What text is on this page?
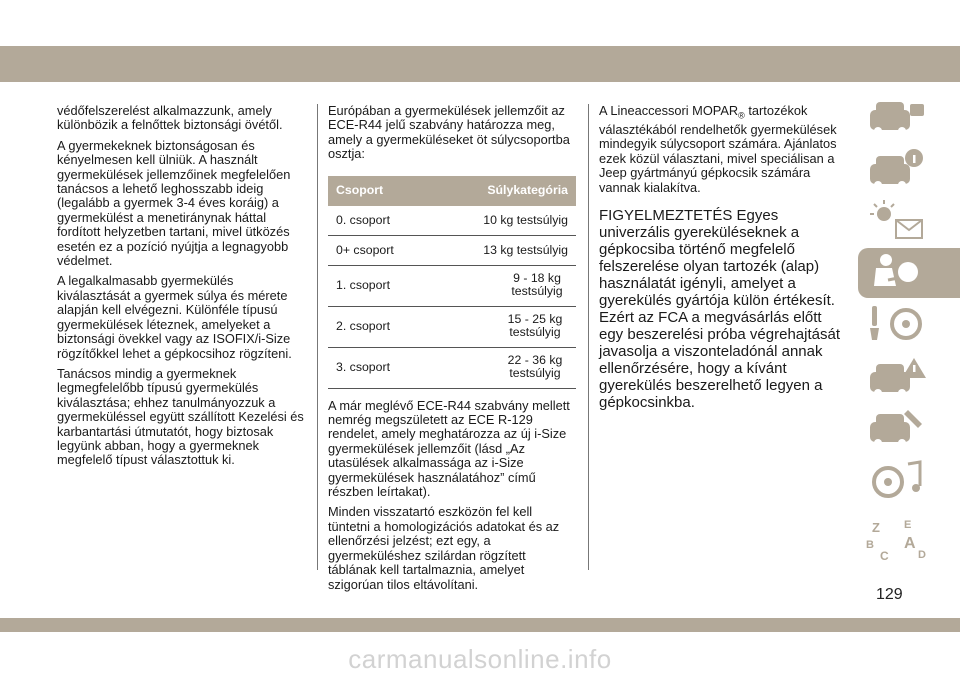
védőfelszerelést alkalmazzunk, amely különbözik a felnőttek biztonsági övétől.

A gyermekeknek biztonságosan és kényelmesen kell ülniük. A használt gyermekülések jellemzőinek megfelelően tanácsos a lehető leghosszabb ideig (legalább a gyermek 3-4 éves koráig) a gyermekülést a menetiránynak háttal fordított helyzetben tartani, mivel ütközés esetén ez a pozíció nyújtja a legnagyobb védelmet.

A legalkalmasabb gyermekülés kiválasztását a gyermek súlya és mérete alapján kell elvégezni. Különféle típusú gyermekülések léteznek, amelyeket a biztonsági övekkel vagy az ISOFIX/i-Size rögzítőkkel lehet a gépkocsihoz rögzíteni.

Tanácsos mindig a gyermeknek legmegfelelőbb típusú gyermekülés kiválasztása; ehhez tanulmányozzuk a gyermeküléssel együtt szállított Kezelési és karbantartási útmutatót, hogy biztosak legyünk abban, hogy a gyermeknek megfelelő típust választottuk ki.

Európában a gyermekülések jellemzőit az ECE-R44 jelű szabvány határozza meg, amely a gyermeküléseket öt súlycsoportba osztja:

Csoport	Súlykategória
0. csoport	10 kg testsúlyig
0+ csoport	13 kg testsúlyig
1. csoport	9 - 18 kg testsúlyig
2. csoport	15 - 25 kg testsúlyig
3. csoport	22 - 36 kg testsúlyig

A már meglévő ECE-R44 szabvány mellett nemrég megszületett az ECE R-129 rendelet, amely meghatározza az új i-Size gyermekülések jellemzőit (lásd „Az utasülések alkalmassága az i-Size gyermekülések használatához” című részben leírtakat).

Minden visszatartó eszközön fel kell tüntetni a homologizációs adatokat és az ellenőrzési jelzést; ezt egy, a gyermeküléshez szilárdan rögzített táblának kell tartalmaznia, amelyet szigorúan tilos eltávolítani.

A Lineaccessori $MOPAR_®$ tartozékok választékából rendelhetők gyermekülések mindegyik súlycsoport számára. Ajánlatos ezek közül választani, mivel speciálisan a Jeep gyártmányú gépkocsik számára vannak kialakítva.

FIGYELMEZTETÉS Egyes univerzális gyereküléseknek a gépkocsiba történő megfelelő felszerelése olyan tartozék (alap) használatát igényli, amelyet a gyerekülés gyártója külön értékesít. Ezért az FCA a megvásárlás előtt egy beszerelési próba végrehajtását javasolja a viszonteladónál annak ellenőrzésére, hogy a kívánt gyerekülés beszerelhető legyen a gépkocsinkba.

Z E
B A
C	D
129
carmanualsonline.info
